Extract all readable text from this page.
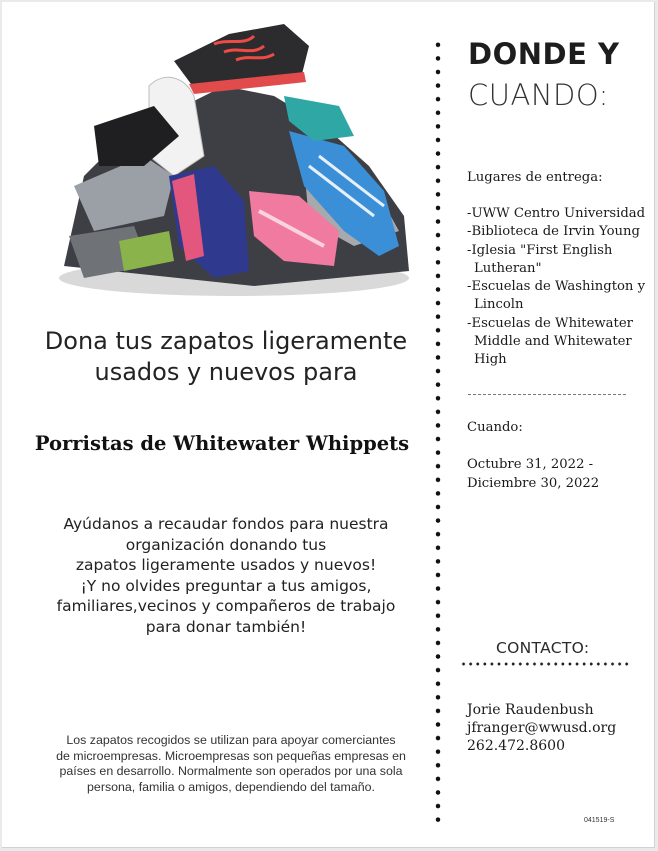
Dona tus zapatos ligeramente usados y nuevos para
Porristas de Whitewater Whippets

Ayúdanos a recaudar fondos para nuestra
organización donando tus
zapatos ligeramente usados y nuevos!
¡Y no olvides preguntar a tus amigos,
familiares,vecinos y compañeros de trabajo
para donar también!

Los zapatos recogidos se utilizan para apoyar comerciantes
de microempresas. Microempresas son pequeñas empresas en
países en desarrollo. Normalmente son operados por una sola
persona, familia o amigos, dependiendo del tamaño.

DONDE Y
CUANDO:

Lugares de entrega:

-UWW Centro Universidad
-Biblioteca de Irvin Young
-Iglesia "First English Lutheran"
-Escuelas de Washington y Lincoln
-Escuelas de Whitewater Middle and Whitewater High

Cuando:

Octubre 31, 2022 -
Diciembre 30, 2022

CONTACTO:

Jorie Raudenbush
jfranger@wwusd.org
262.472.8600

041519-S
